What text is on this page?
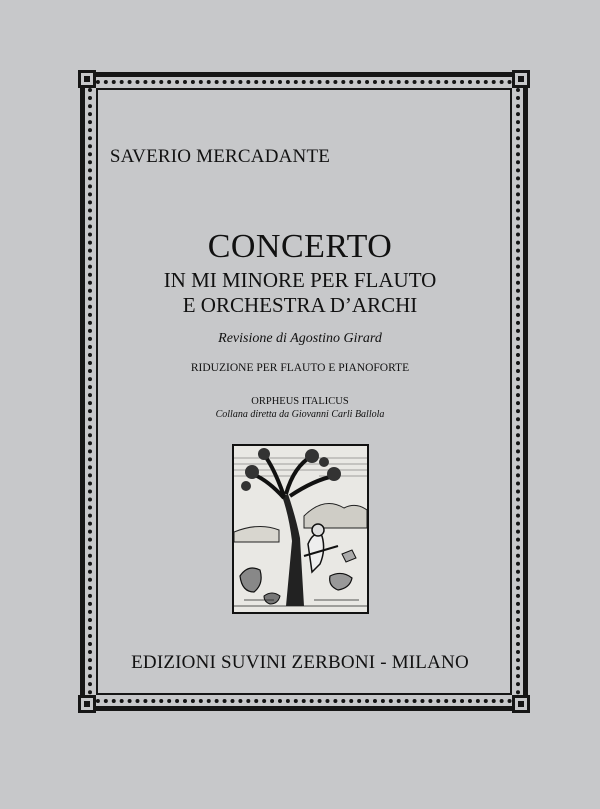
SAVERIO MERCADANTE
CONCERTO
IN MI MINORE PER FLAUTO
E ORCHESTRA D’ARCHI
Revisione di Agostino Girard
RIDUZIONE PER FLAUTO E PIANOFORTE
ORPHEUS ITALICUS
Collana diretta da Giovanni Carli Ballola
EDIZIONI SUVINI ZERBONI - MILANO
